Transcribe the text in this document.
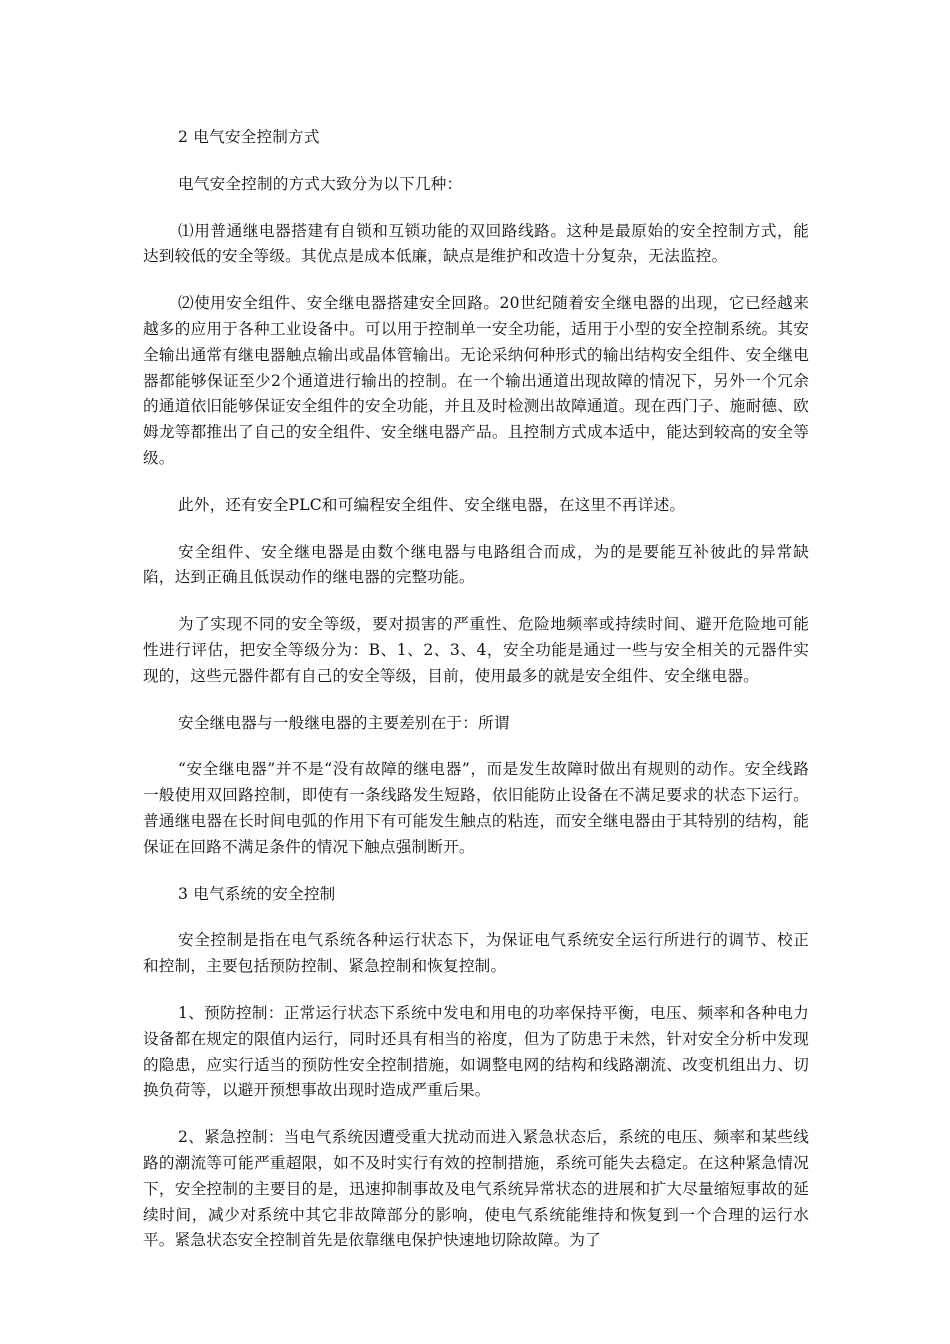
2 电气安全控制方式

电气安全控制的方式大致分为以下几种：

⑴用普通继电器搭建有自锁和互锁功能的双回路线路。这种是最原始的安全控制方式，能达到较低的安全等级。其优点是成本低廉，缺点是维护和改造十分复杂，无法监控。

⑵使用安全组件、安全继电器搭建安全回路。20世纪随着安全继电器的出现，它已经越来越多的应用于各种工业设备中。可以用于控制单一安全功能，适用于小型的安全控制系统。其安全输出通常有继电器触点输出或晶体管输出。无论采纳何种形式的输出结构安全组件、安全继电器都能够保证至少2个通道进行输出的控制。在一个输出通道出现故障的情况下，另外一个冗余的通道依旧能够保证安全组件的安全功能，并且及时检测出故障通道。现在西门子、施耐德、欧姆龙等都推出了自己的安全组件、安全继电器产品。且控制方式成本适中，能达到较高的安全等级。

此外，还有安全PLC和可编程安全组件、安全继电器，在这里不再详述。

安全组件、安全继电器是由数个继电器与电路组合而成，为的是要能互补彼此的异常缺陷，达到正确且低误动作的继电器的完整功能。

为了实现不同的安全等级，要对损害的严重性、危险地频率或持续时间、避开危险地可能性进行评估，把安全等级分为：B、1、2、3、4，安全功能是通过一些与安全相关的元器件实现的，这些元器件都有自己的安全等级，目前，使用最多的就是安全组件、安全继电器。

安全继电器与一般继电器的主要差别在于：所谓

“安全继电器”并不是“没有故障的继电器”，而是发生故障时做出有规则的动作。安全线路一般使用双回路控制，即使有一条线路发生短路，依旧能防止设备在不满足要求的状态下运行。普通继电器在长时间电弧的作用下有可能发生触点的粘连，而安全继电器由于其特别的结构，能保证在回路不满足条件的情况下触点强制断开。

3 电气系统的安全控制

安全控制是指在电气系统各种运行状态下，为保证电气系统安全运行所进行的调节、校正和控制，主要包括预防控制、紧急控制和恢复控制。

1、预防控制：正常运行状态下系统中发电和用电的功率保持平衡，电压、频率和各种电力设备都在规定的限值内运行，同时还具有相当的裕度，但为了防患于未然，针对安全分析中发现的隐患，应实行适当的预防性安全控制措施，如调整电网的结构和线路潮流、改变机组出力、切换负荷等，以避开预想事故出现时造成严重后果。

2、紧急控制：当电气系统因遭受重大扰动而进入紧急状态后，系统的电压、频率和某些线路的潮流等可能严重超限，如不及时实行有效的控制措施，系统可能失去稳定。在这种紧急情况下，安全控制的主要目的是，迅速抑制事故及电气系统异常状态的进展和扩大尽量缩短事故的延续时间，减少对系统中其它非故障部分的影响，使电气系统能维持和恢复到一个合理的运行水平。紧急状态安全控制首先是依靠继电保护快速地切除故障。为了
